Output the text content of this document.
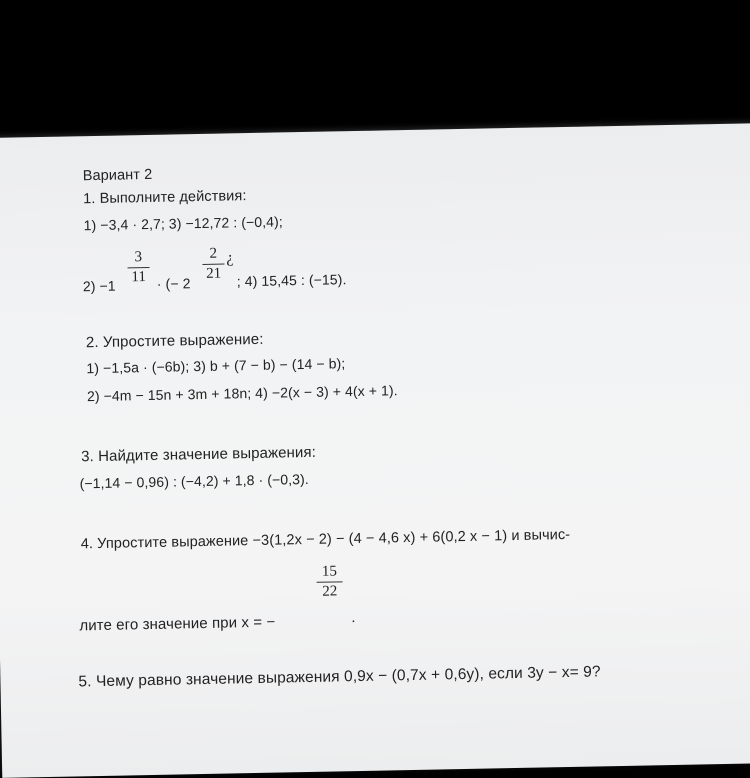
Вариант 2
1. Выполните действия:
1) −3,4 · 2,7; 3) −12,72 : (−0,4);
2) −1
3
11 · (− 2
2
21
¿
; 4) 15,45 : (−15).
2. Упростите выражение:
1) −1,5a · (−6b); 3) b + (7 − b) − (14 − b);
2) −4m − 15n + 3m + 18n; 4) −2(x − 3) + 4(x + 1).
3. Найдите значение выражения:
(−1,14 − 0,96) : (−4,2) + 1,8 · (−0,3).
4. Упростите выражение −3(1,2x − 2) − (4 − 4,6 x) + 6(0,2 x − 1) и вычис-
лите его значение при x = −
15
22
.
5. Чему равно значение выражения 0,9x − (0,7x + 0,6y), если 3y − x= 9?
